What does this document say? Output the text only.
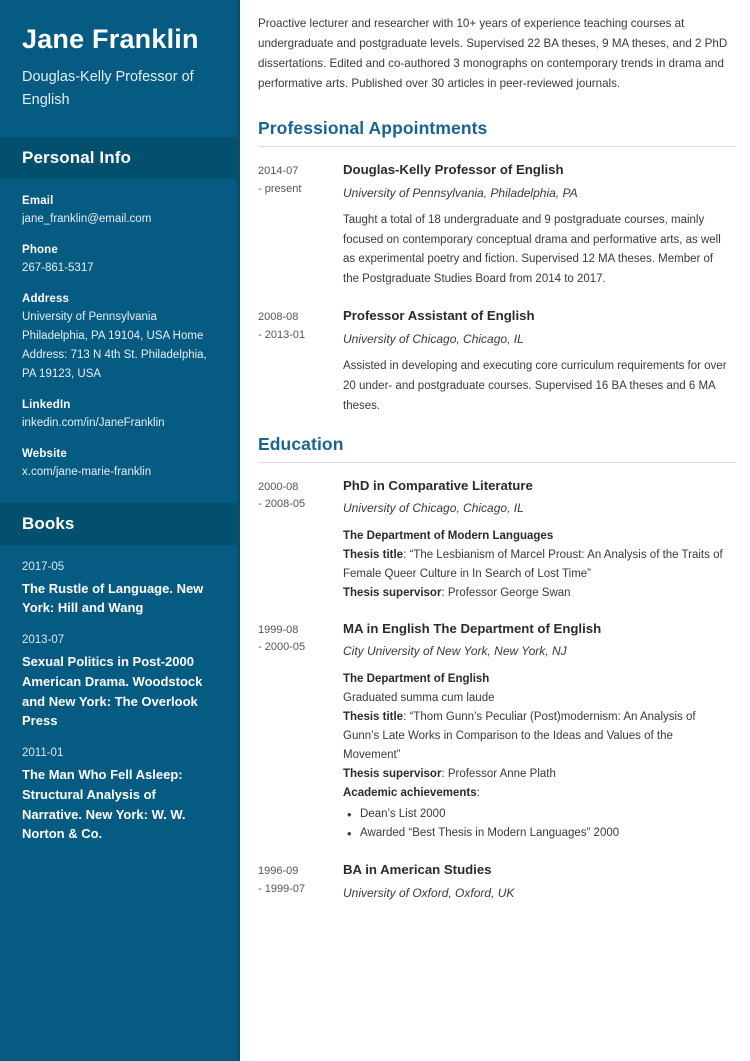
Jane Franklin
Douglas-Kelly Professor of English
Personal Info
Email
jane_franklin@email.com
Phone
267-861-5317
Address
University of Pennsylvania Philadelphia, PA 19104, USA Home Address: 713 N 4th St. Philadelphia, PA 19123, USA
LinkedIn
inkedin.com/in/JaneFranklin
Website
x.com/jane-marie-franklin
Books
2017-05
The Rustle of Language. New York: Hill and Wang
2013-07
Sexual Politics in Post-2000 American Drama. Woodstock and New York: The Overlook Press
2011-01
The Man Who Fell Asleep: Structural Analysis of Narrative. New York: W. W. Norton & Co.

Proactive lecturer and researcher with 10+ years of experience teaching courses at undergraduate and postgraduate levels. Supervised 22 BA theses, 9 MA theses, and 2 PhD dissertations. Edited and co-authored 3 monographs on contemporary trends in drama and performative arts. Published over 30 articles in peer-reviewed journals.

Professional Appointments
2014-07
- present
Douglas-Kelly Professor of English
University of Pennsylvania, Philadelphia, PA
Taught a total of 18 undergraduate and 9 postgraduate courses, mainly focused on contemporary conceptual drama and performative arts, as well as experimental poetry and fiction. Supervised 12 MA theses. Member of the Postgraduate Studies Board from 2014 to 2017.
2008-08
- 2013-01
Professor Assistant of English
University of Chicago, Chicago, IL
Assisted in developing and executing core curriculum requirements for over 20 under- and postgraduate courses. Supervised 16 BA theses and 6 MA theses.
Education
2000-08
- 2008-05
PhD in Comparative Literature
University of Chicago, Chicago, IL
The Department of Modern Languages
Thesis title: “The Lesbianism of Marcel Proust: An Analysis of the Traits of Female Queer Culture in In Search of Lost Time”
Thesis supervisor: Professor George Swan
1999-08
- 2000-05
MA in English The Department of English
City University of New York, New York, NJ
The Department of English
Graduated summa cum laude
Thesis title: “Thom Gunn’s Peculiar (Post)modernism: An Analysis of Gunn’s Late Works in Comparison to the Ideas and Values of the Movement”
Thesis supervisor: Professor Anne Plath
Academic achievements:
• Dean’s List 2000
• Awarded “Best Thesis in Modern Languages” 2000
1996-09
- 1999-07
BA in American Studies
University of Oxford, Oxford, UK
